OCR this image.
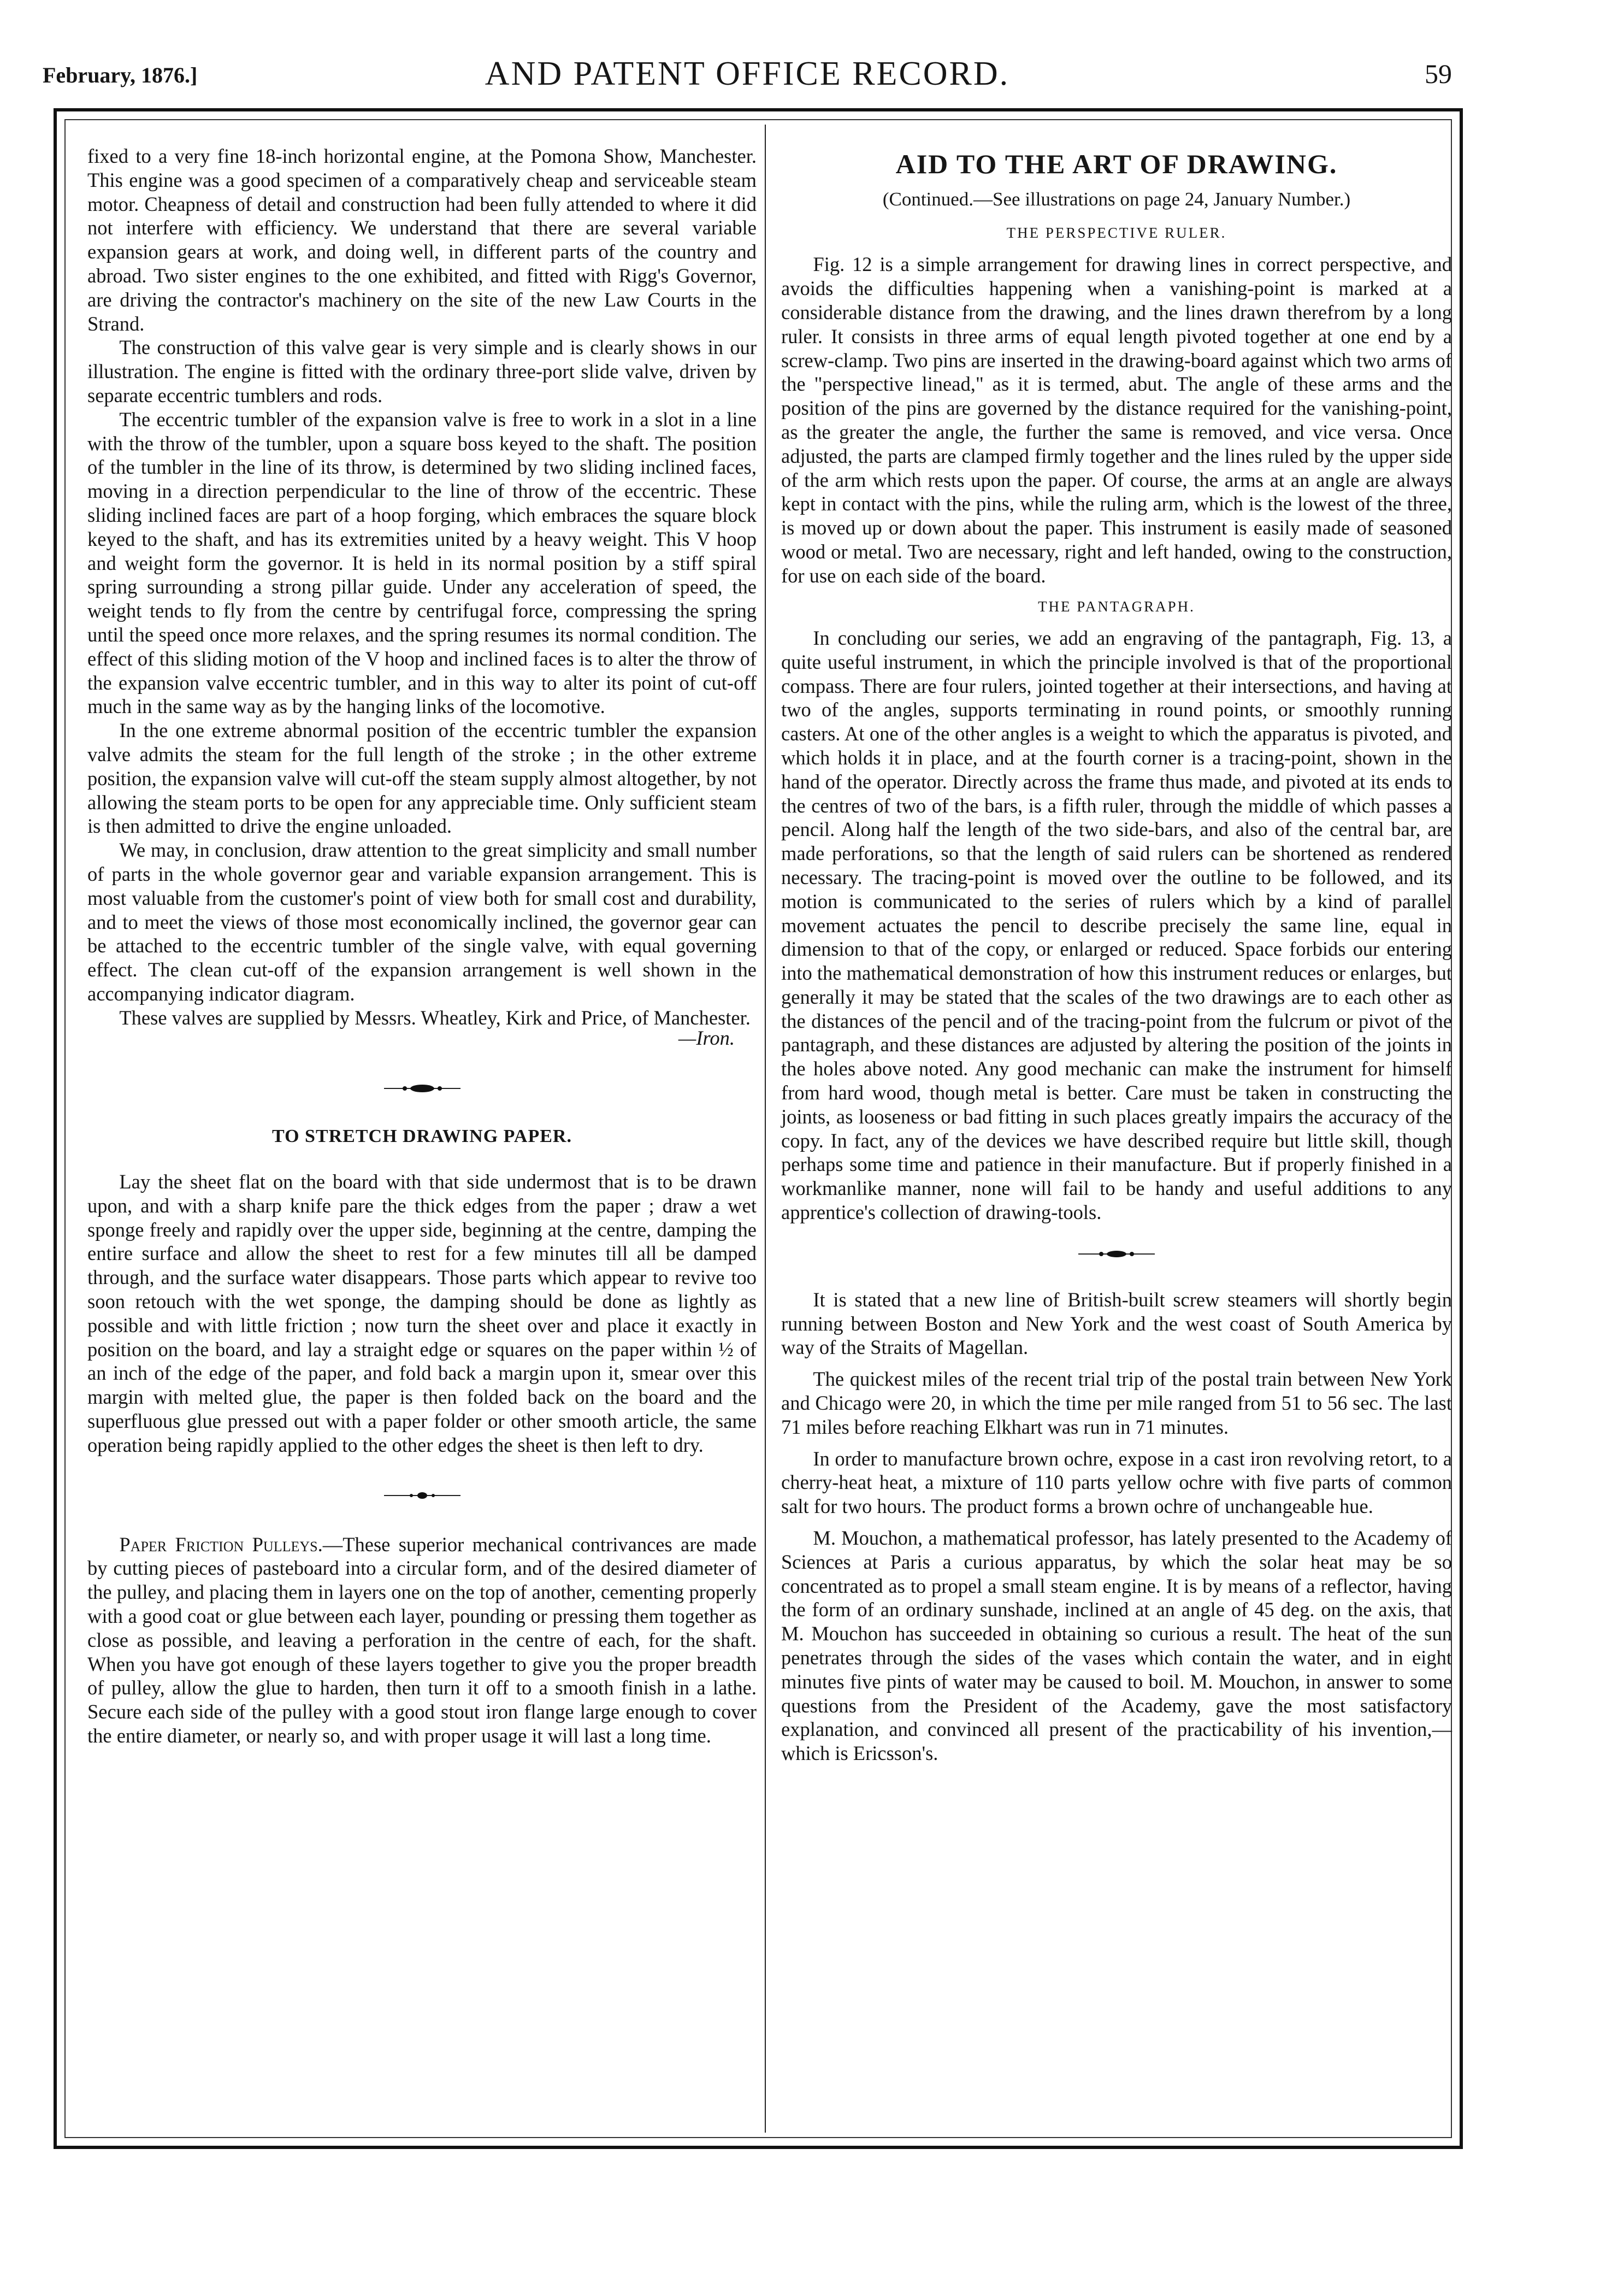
February, 1876.]	AND PATENT OFFICE RECORD.	59

fixed to a very fine 18-inch horizontal engine, at the Pomona Show, Manchester. This engine was a good specimen of a comparatively cheap and serviceable steam motor. Cheapness of detail and construction had been fully attended to where it did not interfere with efficiency. We understand that there are several variable expansion gears at work, and doing well, in different parts of the country and abroad. Two sister engines to the one exhibited, and fitted with Rigg's Governor, are driving the contractor's machinery on the site of the new Law Courts in the Strand.

The construction of this valve gear is very simple and is clearly shows in our illustration. The engine is fitted with the ordinary three-port slide valve, driven by separate eccentric tumblers and rods.

The eccentric tumbler of the expansion valve is free to work in a slot in a line with the throw of the tumbler, upon a square boss keyed to the shaft. The position of the tumbler in the line of its throw, is determined by two sliding inclined faces, moving in a direction perpendicular to the line of throw of the eccentric. These sliding inclined faces are part of a hoop forging, which embraces the square block keyed to the shaft, and has its extremities united by a heavy weight. This V hoop and weight form the governor. It is held in its normal position by a stiff spiral spring surrounding a strong pillar guide. Under any acceleration of speed, the weight tends to fly from the centre by centrifugal force, compressing the spring until the speed once more relaxes, and the spring resumes its normal condition. The effect of this sliding motion of the V hoop and inclined faces is to alter the throw of the expansion valve eccentric tumbler, and in this way to alter its point of cut-off much in the same way as by the hanging links of the locomotive.

In the one extreme abnormal position of the eccentric tumbler the expansion valve admits the steam for the full length of the stroke ; in the other extreme position, the expansion valve will cut-off the steam supply almost altogether, by not allowing the steam ports to be open for any appreciable time. Only sufficient steam is then admitted to drive the engine unloaded.

We may, in conclusion, draw attention to the great simplicity and small number of parts in the whole governor gear and variable expansion arrangement. This is most valuable from the customer's point of view both for small cost and durability, and to meet the views of those most economically inclined, the governor gear can be attached to the eccentric tumbler of the single valve, with equal governing effect. The clean cut-off of the expansion arrangement is well shown in the accompanying indicator diagram.

These valves are supplied by Messrs. Wheatley, Kirk and Price, of Manchester.

—Iron.
TO STRETCH DRAWING PAPER.

Lay the sheet flat on the board with that side undermost that is to be drawn upon, and with a sharp knife pare the thick edges from the paper ; draw a wet sponge freely and rapidly over the upper side, beginning at the centre, damping the entire surface and allow the sheet to rest for a few minutes till all be damped through, and the surface water disappears. Those parts which appear to revive too soon retouch with the wet sponge, the damping should be done as lightly as possible and with little friction ; now turn the sheet over and place it exactly in position on the board, and lay a straight edge or squares on the paper within ½ of an inch of the edge of the paper, and fold back a margin upon it, smear over this margin with melted glue, the paper is then folded back on the board and the superfluous glue pressed out with a paper folder or other smooth article, the same operation being rapidly applied to the other edges the sheet is then left to dry.

Paper Friction Pulleys.—These superior mechanical contrivances are made by cutting pieces of pasteboard into a circular form, and of the desired diameter of the pulley, and placing them in layers one on the top of another, cementing properly with a good coat or glue between each layer, pounding or pressing them together as close as possible, and leaving a perforation in the centre of each, for the shaft. When you have got enough of these layers together to give you the proper breadth of pulley, allow the glue to harden, then turn it off to a smooth finish in a lathe. Secure each side of the pulley with a good stout iron flange large enough to cover the entire diameter, or nearly so, and with proper usage it will last a long time.

AID TO THE ART OF DRAWING.
(Continued.—See illustrations on page 24, January Number.)
THE PERSPECTIVE RULER.

Fig. 12 is a simple arrangement for drawing lines in correct perspective, and avoids the difficulties happening when a vanishing-point is marked at a considerable distance from the drawing, and the lines drawn therefrom by a long ruler. It consists in three arms of equal length pivoted together at one end by a screw-clamp. Two pins are inserted in the drawing-board against which two arms of the "perspective linead," as it is termed, abut. The angle of these arms and the position of the pins are governed by the distance required for the vanishing-point, as the greater the angle, the further the same is removed, and vice versa. Once adjusted, the parts are clamped firmly together and the lines ruled by the upper side of the arm which rests upon the paper. Of course, the arms at an angle are always kept in contact with the pins, while the ruling arm, which is the lowest of the three, is moved up or down about the paper. This instrument is easily made of seasoned wood or metal. Two are necessary, right and left handed, owing to the construction, for use on each side of the board.

THE PANTAGRAPH.

In concluding our series, we add an engraving of the pantagraph, Fig. 13, a quite useful instrument, in which the principle involved is that of the proportional compass. There are four rulers, jointed together at their intersections, and having at two of the angles, supports terminating in round points, or smoothly running casters. At one of the other angles is a weight to which the apparatus is pivoted, and which holds it in place, and at the fourth corner is a tracing-point, shown in the hand of the operator. Directly across the frame thus made, and pivoted at its ends to the centres of two of the bars, is a fifth ruler, through the middle of which passes a pencil. Along half the length of the two side-bars, and also of the central bar, are made perforations, so that the length of said rulers can be shortened as rendered necessary. The tracing-point is moved over the outline to be followed, and its motion is communicated to the series of rulers which by a kind of parallel movement actuates the pencil to describe precisely the same line, equal in dimension to that of the copy, or enlarged or reduced. Space forbids our entering into the mathematical demonstration of how this instrument reduces or enlarges, but generally it may be stated that the scales of the two drawings are to each other as the distances of the pencil and of the tracing-point from the fulcrum or pivot of the pantagraph, and these distances are adjusted by altering the position of the joints in the holes above noted. Any good mechanic can make the instrument for himself from hard wood, though metal is better. Care must be taken in constructing the joints, as looseness or bad fitting in such places greatly impairs the accuracy of the copy. In fact, any of the devices we have described require but little skill, though perhaps some time and patience in their manufacture. But if properly finished in a workmanlike manner, none will fail to be handy and useful additions to any apprentice's collection of drawing-tools.

It is stated that a new line of British-built screw steamers will shortly begin running between Boston and New York and the west coast of South America by way of the Straits of Magellan.

The quickest miles of the recent trial trip of the postal train between New York and Chicago were 20, in which the time per mile ranged from 51 to 56 sec. The last 71 miles before reaching Elkhart was run in 71 minutes.

In order to manufacture brown ochre, expose in a cast iron revolving retort, to a cherry-heat heat, a mixture of 110 parts yellow ochre with five parts of common salt for two hours. The product forms a brown ochre of unchangeable hue.

M. Mouchon, a mathematical professor, has lately presented to the Academy of Sciences at Paris a curious apparatus, by which the solar heat may be so concentrated as to propel a small steam engine. It is by means of a reflector, having the form of an ordinary sunshade, inclined at an angle of 45 deg. on the axis, that M. Mouchon has succeeded in obtaining so curious a result. The heat of the sun penetrates through the sides of the vases which contain the water, and in eight minutes five pints of water may be caused to boil. M. Mouchon, in answer to some questions from the President of the Academy, gave the most satisfactory explanation, and convinced all present of the practicability of his invention,—which is Ericsson's.
